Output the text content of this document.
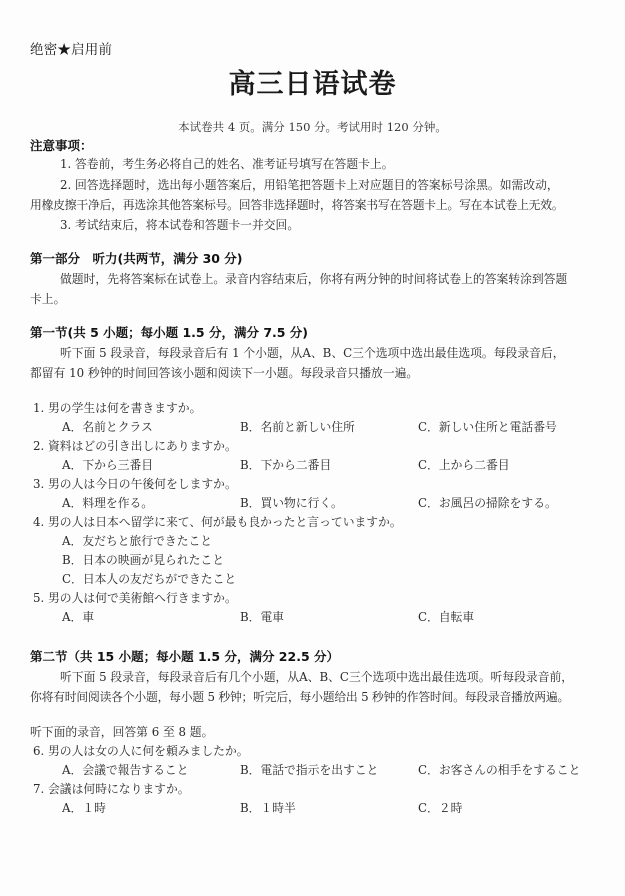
绝密★启用前
高三日语试卷
本试卷共 4 页。满分 150 分。考试用时 120 分钟。
注意事项：
1. 答卷前，考生务必将自己的姓名、准考证号填写在答题卡上。
2. 回答选择题时，选出每小题答案后，用铅笔把答题卡上对应题目的答案标号涂黑。如需改动，
用橡皮擦干净后，再选涂其他答案标号。回答非选择题时，将答案书写在答题卡上。写在本试卷上无效。
3. 考试结束后，将本试卷和答题卡一并交回。
第一部分　听力(共两节，满分 30 分)
做题时，先将答案标在试卷上。录音内容结束后，你将有两分钟的时间将试卷上的答案转涂到答题
卡上。
第一节(共 5 小题；每小题 1.5 分，满分 7.5 分)
听下面 5 段录音，每段录音后有 1 个小题，从A、B、C三个选项中选出最佳选项。每段录音后，
都留有 10 秒钟的时间回答该小题和阅读下一小题。每段录音只播放一遍。
1. 男の学生は何を書きますか。
A．名前とクラス	B．名前と新しい住所	C．新しい住所と電話番号
2. 資料はどの引き出しにありますか。
A．下から三番目	B．下から二番目	C．上から二番目
3. 男の人は今日の午後何をしますか。
A．料理を作る。	B．買い物に行く。	C．お風呂の掃除をする。
4. 男の人は日本へ留学に来て、何が最も良かったと言っていますか。
A．友だちと旅行できたこと
B．日本の映画が見られたこと
C．日本人の友だちができたこと
5. 男の人は何で美術館へ行きますか。
A．車	B．電車	C．自転車
第二节（共 15 小题；每小题 1.5 分，满分 22.5 分）
听下面 5 段录音，每段录音后有几个小题，从A、B、C三个选项中选出最佳选项。听每段录音前，
你将有时间阅读各个小题，每小题 5 秒钟；听完后，每小题给出 5 秒钟的作答时间。每段录音播放两遍。
听下面的录音，回答第 6 至 8 题。
6. 男の人は女の人に何を頼みましたか。
A．会議で報告すること	B．電話で指示を出すこと	C．お客さんの相手をすること
7. 会議は何時になりますか。
A．１時	B．１時半	C．２時
